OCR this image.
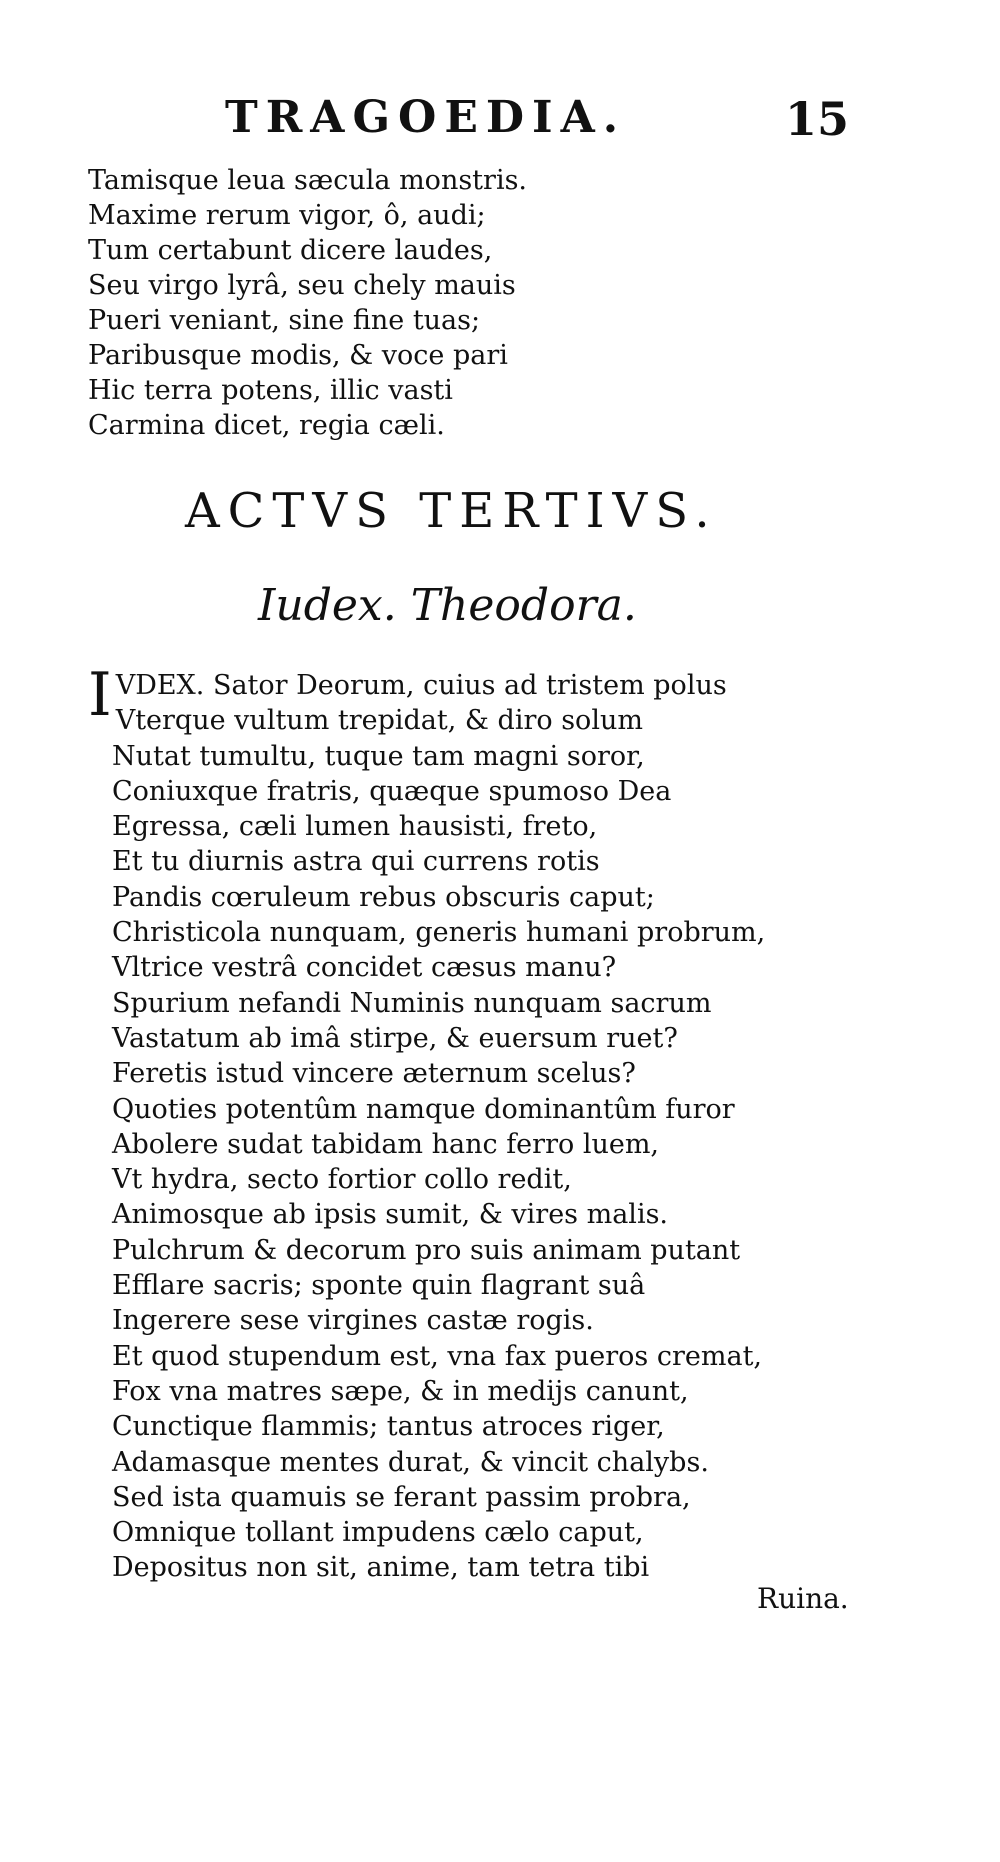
TRAGOEDIA.	15
Tamisque leua sæcula monstris.
Maxime rerum vigor, ô, audi;
Tum certabunt dicere laudes,
Seu virgo lyrâ, seu chely mauis
Pueri veniant, sine fine tuas;
Paribusque modis, & voce pari
Hic terra potens, illic vasti
Carmina dicet, regia cæli.
ACTVS TERTIVS.
Iudex. Theodora.
IVDEX. Sator Deorum, cuius ad tristem polus
Vterque vultum trepidat, & diro solum
Nutat tumultu, tuque tam magni soror,
Coniuxque fratris, quæque spumoso Dea
Egressa, cæli lumen hausisti, freto,
Et tu diurnis astra qui currens rotis
Pandis cœruleum rebus obscuris caput;
Christicola nunquam, generis humani probrum,
Vltrice vestrâ concidet cæsus manu?
Spurium nefandi Numinis nunquam sacrum
Vastatum ab imâ stirpe, & euersum ruet?
Feretis istud vincere æternum scelus?
Quoties potentûm namque dominantûm furor
Abolere sudat tabidam hanc ferro luem,
Vt hydra, secto fortior collo redit,
Animosque ab ipsis sumit, & vires malis.
Pulchrum & decorum pro suis animam putant
Efflare sacris; sponte quin flagrant suâ
Ingerere sese virgines castæ rogis.
Et quod stupendum est, vna fax pueros cremat,
Fox vna matres sæpe, & in medijs canunt,
Cunctique flammis; tantus atroces riger,
Adamasque mentes durat, & vincit chalybs.
Sed ista quamuis se ferant passim probra,
Omnique tollant impudens cælo caput,
Depositus non sit, anime, tam tetra tibi
Ruina.
